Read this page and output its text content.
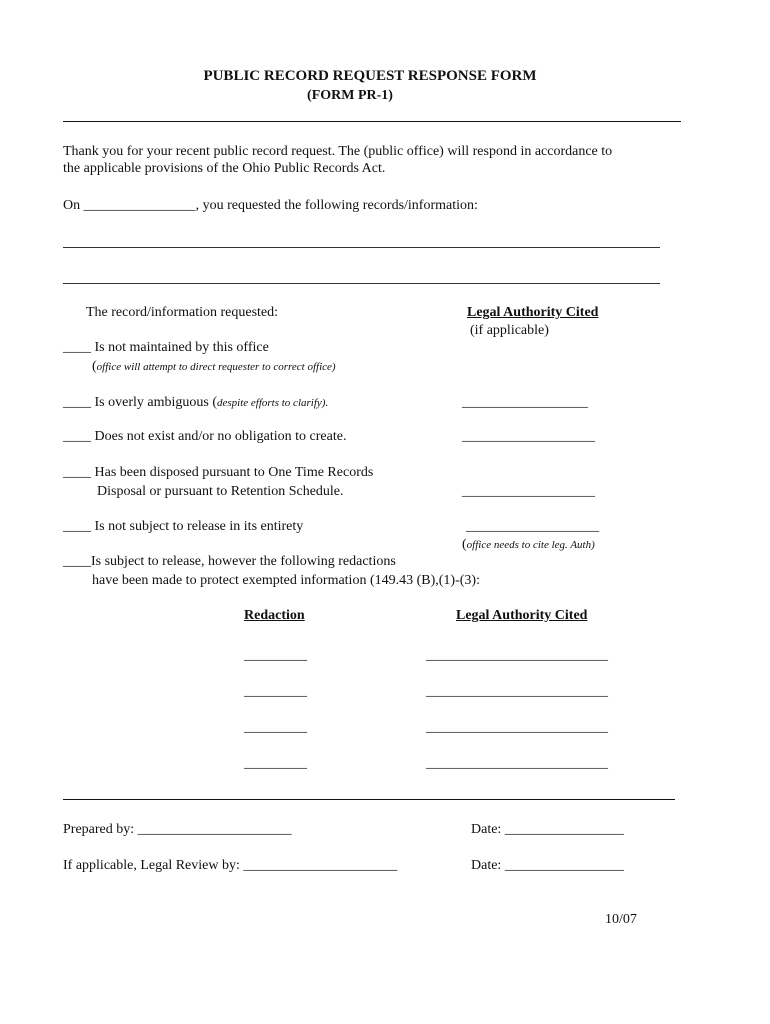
PUBLIC RECORD REQUEST RESPONSE FORM
(FORM PR-1)
Thank you for your recent public record request. The (public office) will respond in accordance to
the applicable provisions of the Ohio Public Records Act.
On ________________, you requested the following records/information:
The record/information requested:	Legal Authority Cited
(if applicable)
____ Is not maintained by this office
(office will attempt to direct requester to correct office)
____ Is overly ambiguous (despite efforts to clarify).	__________________
____ Does not exist and/or no obligation to create.	___________________
____ Has been disposed pursuant to One Time Records
Disposal or pursuant to Retention Schedule.	___________________
____ Is not subject to release in its entirety	___________________
(office needs to cite leg. Auth)
____Is subject to release, however the following redactions
have been made to protect exempted information (149.43 (B),(1)-(3):
Redaction	Legal Authority Cited
_________	__________________________
_________	__________________________
_________	__________________________
_________	__________________________
Prepared by: ______________________	Date: _________________
If applicable, Legal Review by: ______________________	Date: _________________
10/07
